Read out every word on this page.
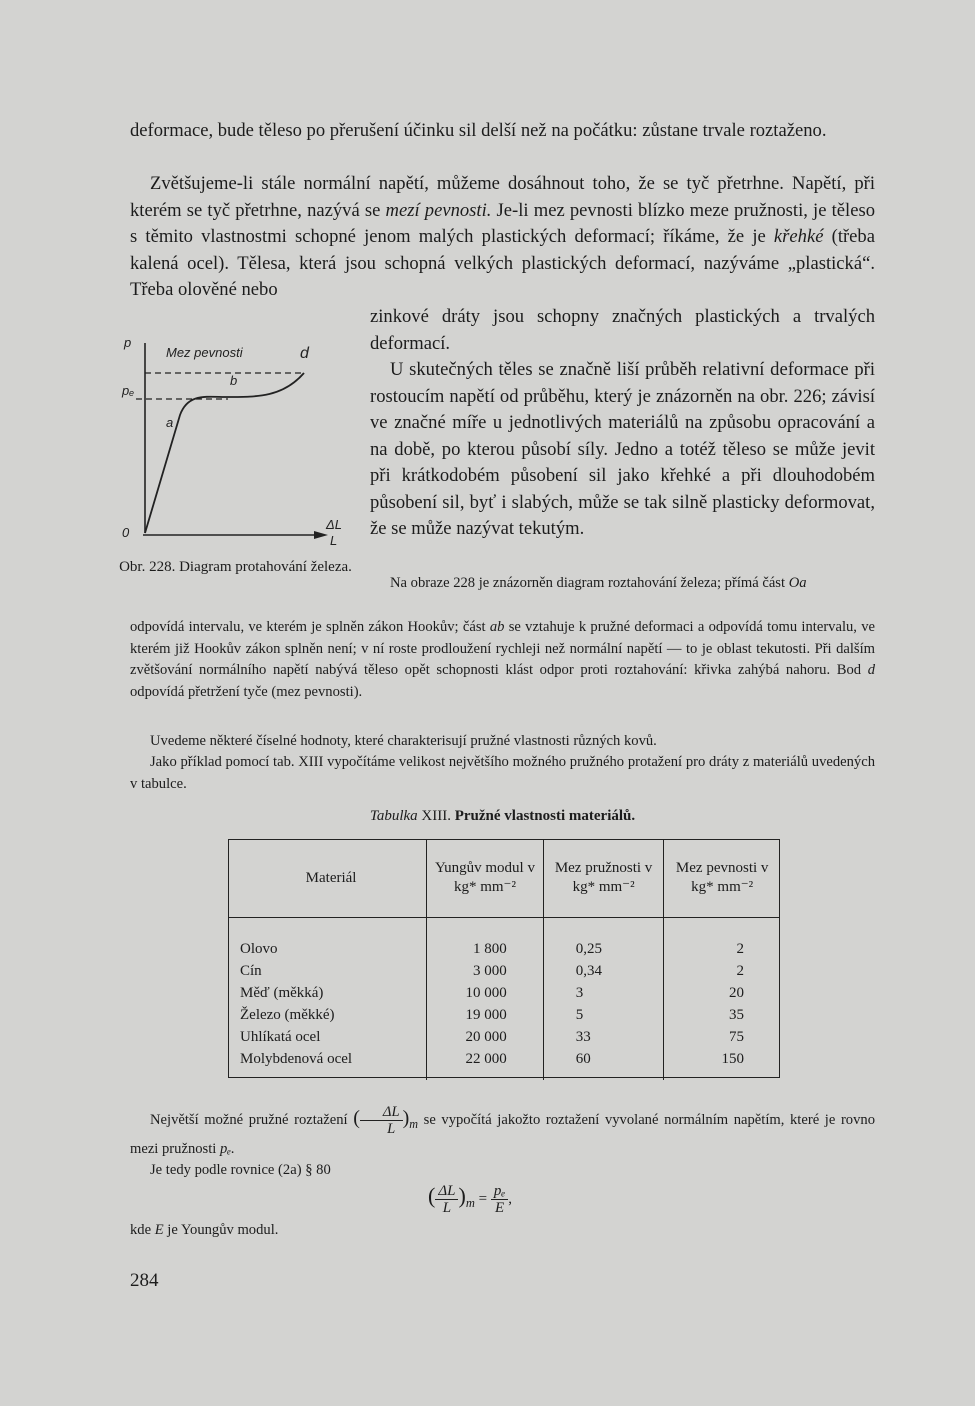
deformace, bude těleso po přerušení účinku sil delší než na počátku: zůstane trvale roztaženo.

Zvětšujeme-li stále normální napětí, můžeme dosáhnout toho, že se tyč přetrhne. Napětí, při kterém se tyč přetrhne, nazývá se mezí pevnosti. Je-li mez pevnosti blízko meze pružnosti, je těleso s těmito vlastnostmi schopné jenom malých plastických deformací; říkáme, že je křehké (třeba kalená ocel). Tělesa, která jsou schopná velkých plastických deformací, nazýváme „plastická“. Třeba olověné nebo

zinkové dráty jsou schopny značných plastických a trvalých deformací.

U skutečných těles se značně liší průběh relativní deformace při rostoucím napětí od průběhu, který je znázorněn na obr. 226; závisí ve značné míře u jednotlivých materiálů na způsobu opracování a na době, po kterou působí síly. Jedno a totéž těleso se může jevit při krátkodobém působení sil jako křehké a při dlouhodobém působení sil, byť i slabých, může se tak silně plasticky deformovat, že se může nazývat tekutým.

p
Mez pevnosti	d
b
pₑ
a
0
ΔL
L
Obr. 228. Diagram protahování železa.

Na obraze 228 je znázorněn diagram roztahování železa; přímá část Oa

odpovídá intervalu, ve kterém je splněn zákon Hookův; část ab se vztahuje k pružné deformaci a odpovídá tomu intervalu, ve kterém již Hookův zákon splněn není; v ní roste prodloužení rychleji než normální napětí — to je oblast tekutosti. Při dalším zvětšování normálního napětí nabývá těleso opět schopnosti klást odpor proti roztahování: křivka zahýbá nahoru. Bod d odpovídá přetržení tyče (mez pevnosti).

Uvedeme některé číselné hodnoty, které charakterisují pružné vlastnosti různých kovů.

Jako příklad pomocí tab. XIII vypočítáme velikost největšího možného pružného protažení pro dráty z materiálů uvedených v tabulce.

Tabulka XIII. Pružné vlastnosti materiálů.
Materiál	Yungův modul v kg* mm⁻²	Mez pružnosti v kg* mm⁻²	Mez pevnosti v kg* mm⁻²
Olovo	1 800	0,25	2
Cín	3 000	0,34	2
Měď (měkká)	10 000	3	20
Železo (měkké)	19 000	5	35
Uhlíkatá ocel	20 000	33	75
Molybdenová ocel	22 000	60	150

Největší možné pružné roztažení ( $\frac{\Delta L}{L} )_m$ se vypočítá jakožto roztažení vyvolané normálním napětím, které je rovno mezi pružnosti pₑ.

Je tedy podle rovnice (2a) § 80

( $\frac{\Delta L}{L} )_m = \frac{\text{pₑ}}{E}$ ,

kde E je Youngův modul.

284
